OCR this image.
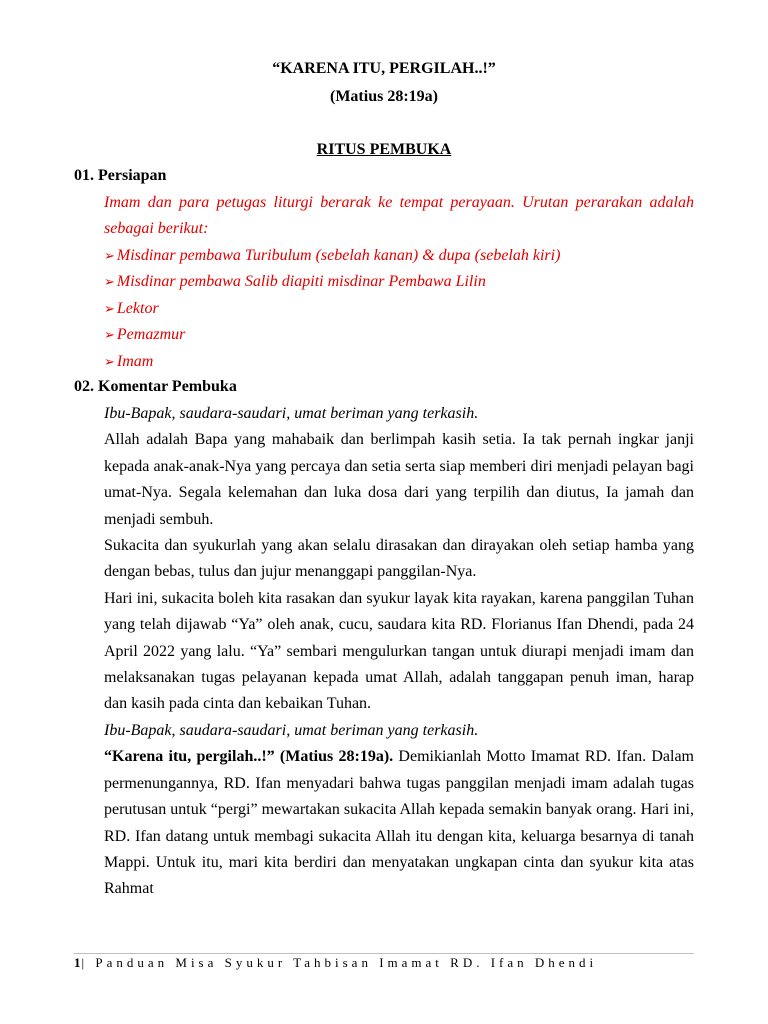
“KARENA ITU, PERGILAH..!”
(Matius 28:19a)
RITUS PEMBUKA
01. Persiapan
Imam dan para petugas liturgi berarak ke tempat perayaan. Urutan perarakan adalah sebagai berikut:
➢ Misdinar pembawa Turibulum (sebelah kanan) & dupa (sebelah kiri)
➢ Misdinar pembawa Salib diapiti misdinar Pembawa Lilin
➢ Lektor
➢ Pemazmur
➢ Imam
02. Komentar Pembuka

Ibu-Bapak, saudara-saudari, umat beriman yang terkasih.

Allah adalah Bapa yang mahabaik dan berlimpah kasih setia. Ia tak pernah ingkar janji kepada anak-anak-Nya yang percaya dan setia serta siap memberi diri menjadi pelayan bagi umat-Nya. Segala kelemahan dan luka dosa dari yang terpilih dan diutus, Ia jamah dan menjadi sembuh.

Sukacita dan syukurlah yang akan selalu dirasakan dan dirayakan oleh setiap hamba yang dengan bebas, tulus dan jujur menanggapi panggilan-Nya.

Hari ini, sukacita boleh kita rasakan dan syukur layak kita rayakan, karena panggilan Tuhan yang telah dijawab “Ya” oleh anak, cucu, saudara kita RD. Florianus Ifan Dhendi, pada 24 April 2022 yang lalu. “Ya” sembari mengulurkan tangan untuk diurapi menjadi imam dan melaksanakan tugas pelayanan kepada umat Allah, adalah tanggapan penuh iman, harap dan kasih pada cinta dan kebaikan Tuhan.

Ibu-Bapak, saudara-saudari, umat beriman yang terkasih.

“Karena itu, pergilah..!” (Matius 28:19a). Demikianlah Motto Imamat RD. Ifan. Dalam permenungannya, RD. Ifan menyadari bahwa tugas panggilan menjadi imam adalah tugas perutusan untuk “pergi” mewartakan sukacita Allah kepada semakin banyak orang. Hari ini, RD. Ifan datang untuk membagi sukacita Allah itu dengan kita, keluarga besarnya di tanah Mappi. Untuk itu, mari kita berdiri dan menyatakan ungkapan cinta dan syukur kita atas Rahmat

1| Panduan Misa Syukur Tahbisan Imamat RD. Ifan Dhendi
